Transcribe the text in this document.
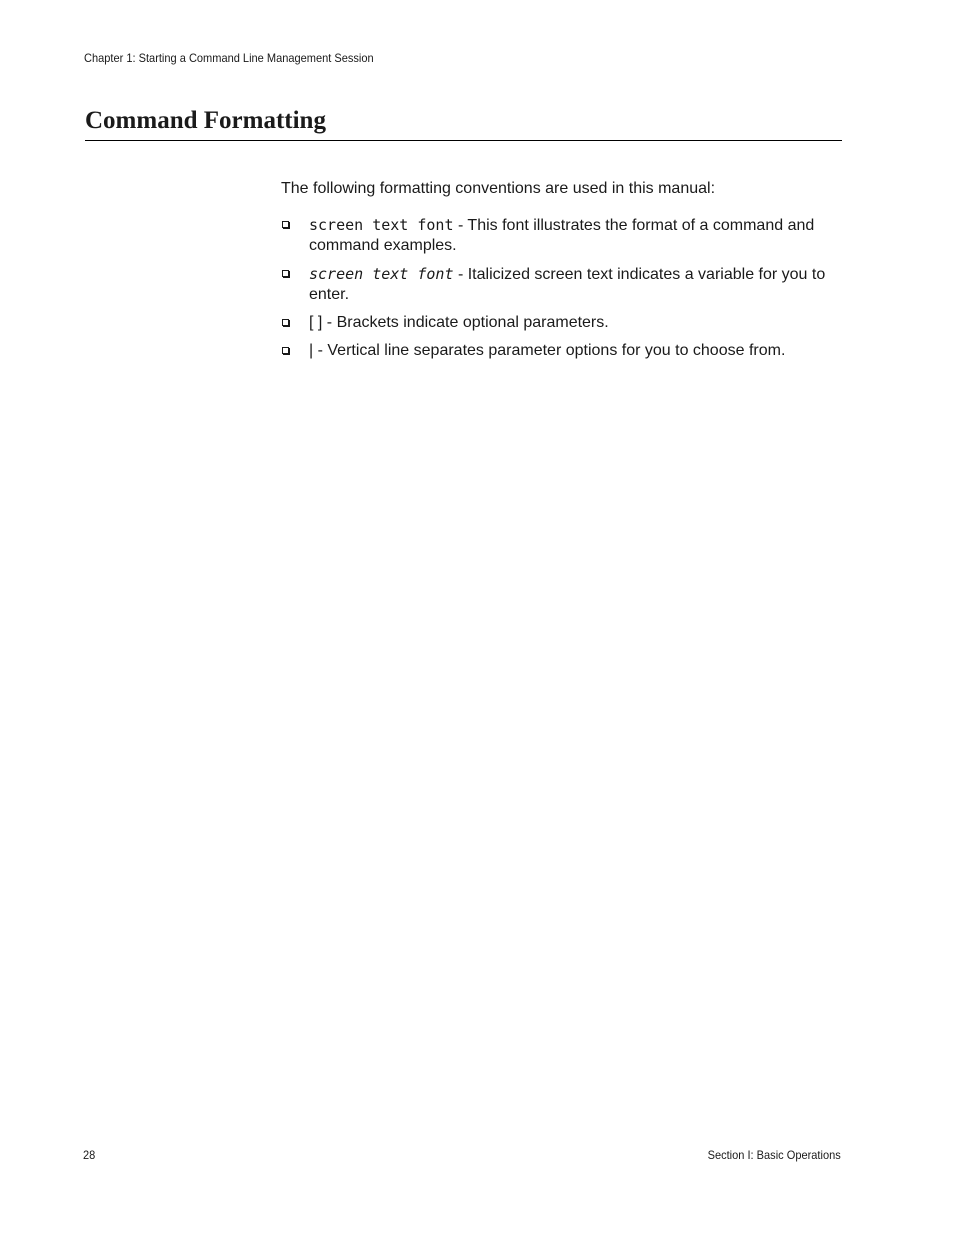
Chapter 1: Starting a Command Line Management Session
Command Formatting

The following formatting conventions are used in this manual:

screen text font - This font illustrates the format of a command and command examples.
screen text font - Italicized screen text indicates a variable for you to enter.
[ ] - Brackets indicate optional parameters.
| - Vertical line separates parameter options for you to choose from.
28	Section I: Basic Operations
